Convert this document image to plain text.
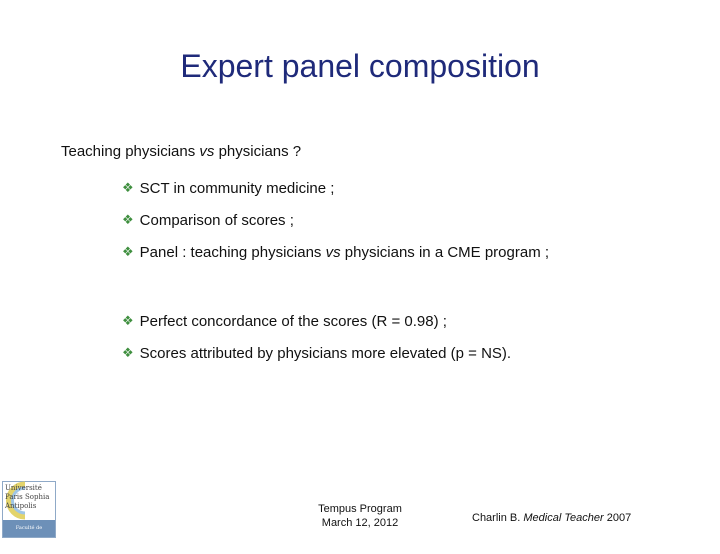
Expert panel composition
Teaching physicians vs physicians ?
❖ SCT in community medicine ;
❖ Comparison of scores ;
❖ Panel : teaching physicians vs physicians in a CME program ;
❖ Perfect concordance of the scores (R = 0.98) ;
❖ Scores attributed by physicians more elevated (p = NS).
Université Paris Sophia Antipolis
Faculté de Médecine
Tempus Program
March 12, 2012	Charlin B. Medical Teacher 2007
